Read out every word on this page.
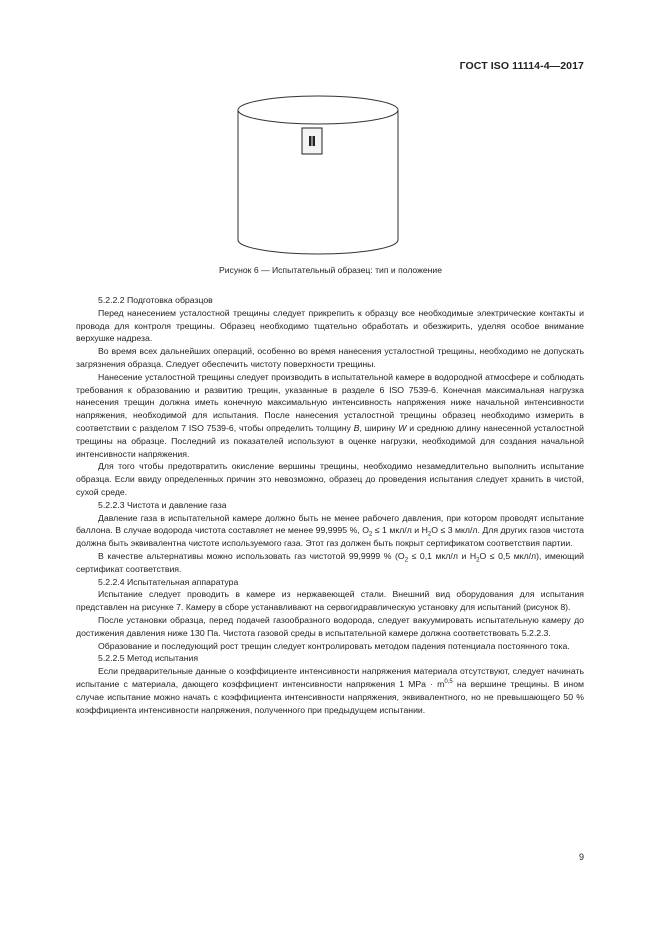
ГОСТ ISO 11114-4—2017
Рисунок 6 — Испытательный образец: тип и положение

5.2.2.2 Подготовка образцов

Перед нанесением усталостной трещины следует прикрепить к образцу все необходимые электрические контакты и провода для контроля трещины. Образец необходимо тщательно обработать и обезжирить, уделяя особое внимание верхушке надреза.

Во время всех дальнейших операций, особенно во время нанесения усталостной трещины, необходимо не допускать загрязнения образца. Следует обеспечить чистоту поверхности трещины.

Нанесение усталостной трещины следует производить в испытательной камере в водородной атмосфере и соблюдать требования к образованию и развитию трещин, указанные в разделе 6 ISO 7539-6. Конечная максимальная нагрузка нанесения трещин должна иметь конечную максимальную интенсивность напряжения ниже начальной интенсивности напряжения, необходимой для испытания. После нанесения усталостной трещины образец необходимо измерить в соответствии с разделом 7 ISO 7539-6, чтобы определить толщину B, ширину W и среднюю длину нанесенной усталостной трещины на образце. Последний из показателей используют в оценке нагрузки, необходимой для создания начальной интенсивности напряжения.

Для того чтобы предотвратить окисление вершины трещины, необходимо незамедлительно выполнить испытание образца. Если ввиду определенных причин это невозможно, образец до проведения испытания следует хранить в чистой, сухой среде.

5.2.2.3 Чистота и давление газа

Давление газа в испытательной камере должно быть не менее рабочего давления, при котором проводят испытание баллона. В случае водорода чистота составляет не менее 99,9995 %, $O_2 \le 1$ мкл/л и $H_2O \le 3$ мкл/л. Для других газов чистота должна быть эквивалентна чистоте используемого газа. Этот газ должен быть покрыт сертификатом соответствия партии.

В качестве альтернативы можно использовать газ чистотой 99,9999 % ($O_2 \le 0,1$ мкл/л и $H_2O \le 0,5$ мкл/л), имеющий сертификат соответствия.

5.2.2.4 Испытательная аппаратура

Испытание следует проводить в камере из нержавеющей стали. Внешний вид оборудования для испытания представлен на рисунке 7. Камеру в сборе устанавливают на сервогидравлическую установку для испытаний (рисунок 8).

После установки образца, перед подачей газообразного водорода, следует вакуумировать испытательную камеру до достижения давления ниже 130 Па. Чистота газовой среды в испытательной камере должна соответствовать 5.2.2.3.

Образование и последующий рост трещин следует контролировать методом падения потенциала постоянного тока.

5.2.2.5 Метод испытания

Если предварительные данные о коэффициенте интенсивности напряжения материала отсутствуют, следует начинать испытание с материала, дающего коэффициент интенсивности напряжения 1 MPa · $m^{0,5}$ на вершине трещины. В ином случае испытание можно начать с коэффициента интенсивности напряжения, эквивалентного, но не превышающего 50 % коэффициента интенсивности напряжения, полученного при предыдущем испытании.

9
